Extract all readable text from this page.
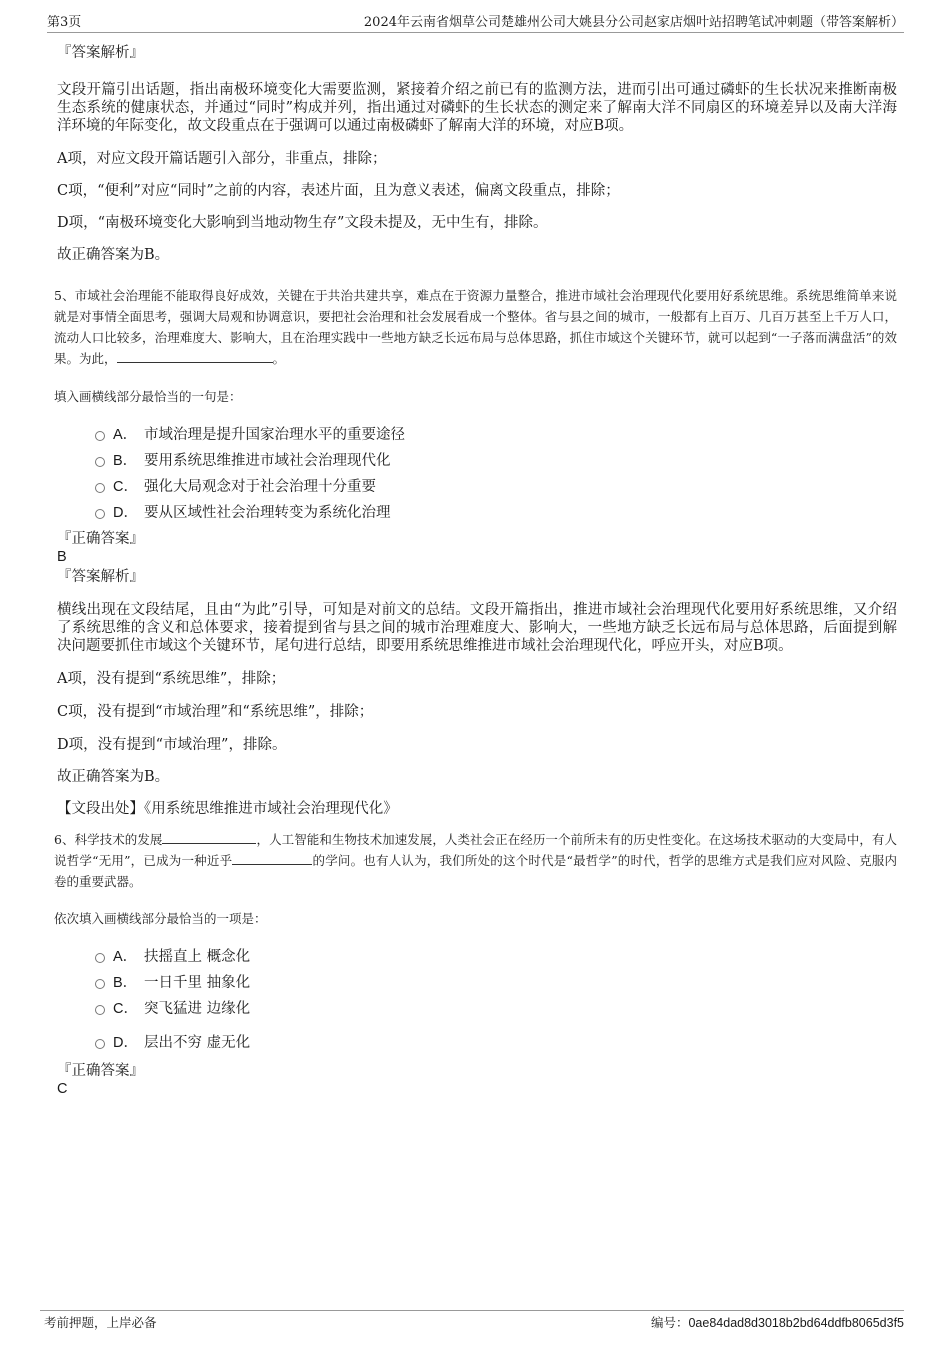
第3页	2024年云南省烟草公司楚雄州公司大姚县分公司赵家店烟叶站招聘笔试冲刺题（带答案解析）

『答案解析』

文段开篇引出话题，指出南极环境变化大需要监测，紧接着介绍之前已有的监测方法，进而引出可通过磷虾的生长状况来推断南极生态系统的健康状态，并通过“同时”构成并列，指出通过对磷虾的生长状态的测定来了解南大洋不同扇区的环境差异以及南大洋海洋环境的年际变化，故文段重点在于强调可以通过南极磷虾了解南大洋的环境，对应B项。

A项，对应文段开篇话题引入部分，非重点，排除；

C项，“便利”对应“同时”之前的内容，表述片面，且为意义表述，偏离文段重点，排除；

D项，“南极环境变化大影响到当地动物生存”文段未提及，无中生有，排除。

故正确答案为B。

5、市域社会治理能不能取得良好成效，关键在于共治共建共享，难点在于资源力量整合，推进市域社会治理现代化要用好系统思维。系统思维简单来说就是对事情全面思考，强调大局观和协调意识，要把社会治理和社会发展看成一个整体。省与县之间的城市，一般都有上百万、几百万甚至上千万人口，流动人口比较多，治理难度大、影响大，且在治理实践中一些地方缺乏长远布局与总体思路，抓住市域这个关键环节，就可以起到“一子落而满盘活”的效果。为此，	。

填入画横线部分最恰当的一句是：

A． 市域治理是提升国家治理水平的重要途径
B． 要用系统思维推进市域社会治理现代化
C． 强化大局观念对于社会治理十分重要
D． 要从区域性社会治理转变为系统化治理

『正确答案』

B

『答案解析』

横线出现在文段结尾，且由“为此”引导，可知是对前文的总结。文段开篇指出，推进市域社会治理现代化要用好系统思维，又介绍了系统思维的含义和总体要求，接着提到省与县之间的城市治理难度大、影响大，一些地方缺乏长远布局与总体思路，后面提到解决问题要抓住市域这个关键环节，尾句进行总结，即要用系统思维推进市域社会治理现代化，呼应开头，对应B项。

A项，没有提到“系统思维”，排除；

C项，没有提到“市域治理”和“系统思维”，排除；

D项，没有提到“市域治理”，排除。

故正确答案为B。

【文段出处】《用系统思维推进市域社会治理现代化》

6、科学技术的发展	，人工智能和生物技术加速发展，人类社会正在经历一个前所未有的历史性变化。在这场技术驱动的大变局中，有人说哲学“无用”，已成为一种近乎	的学问。也有人认为，我们所处的这个时代是“最哲学”的时代，哲学的思维方式是我们应对风险、克服内卷的重要武器。

依次填入画横线部分最恰当的一项是：

A． 扶摇直上 概念化
B． 一日千里 抽象化
C． 突飞猛进 边缘化
D． 层出不穷 虚无化

『正确答案』

C

考前押题，上岸必备	编号：0ae84dad8d3018b2bd64ddfb8065d3f5
